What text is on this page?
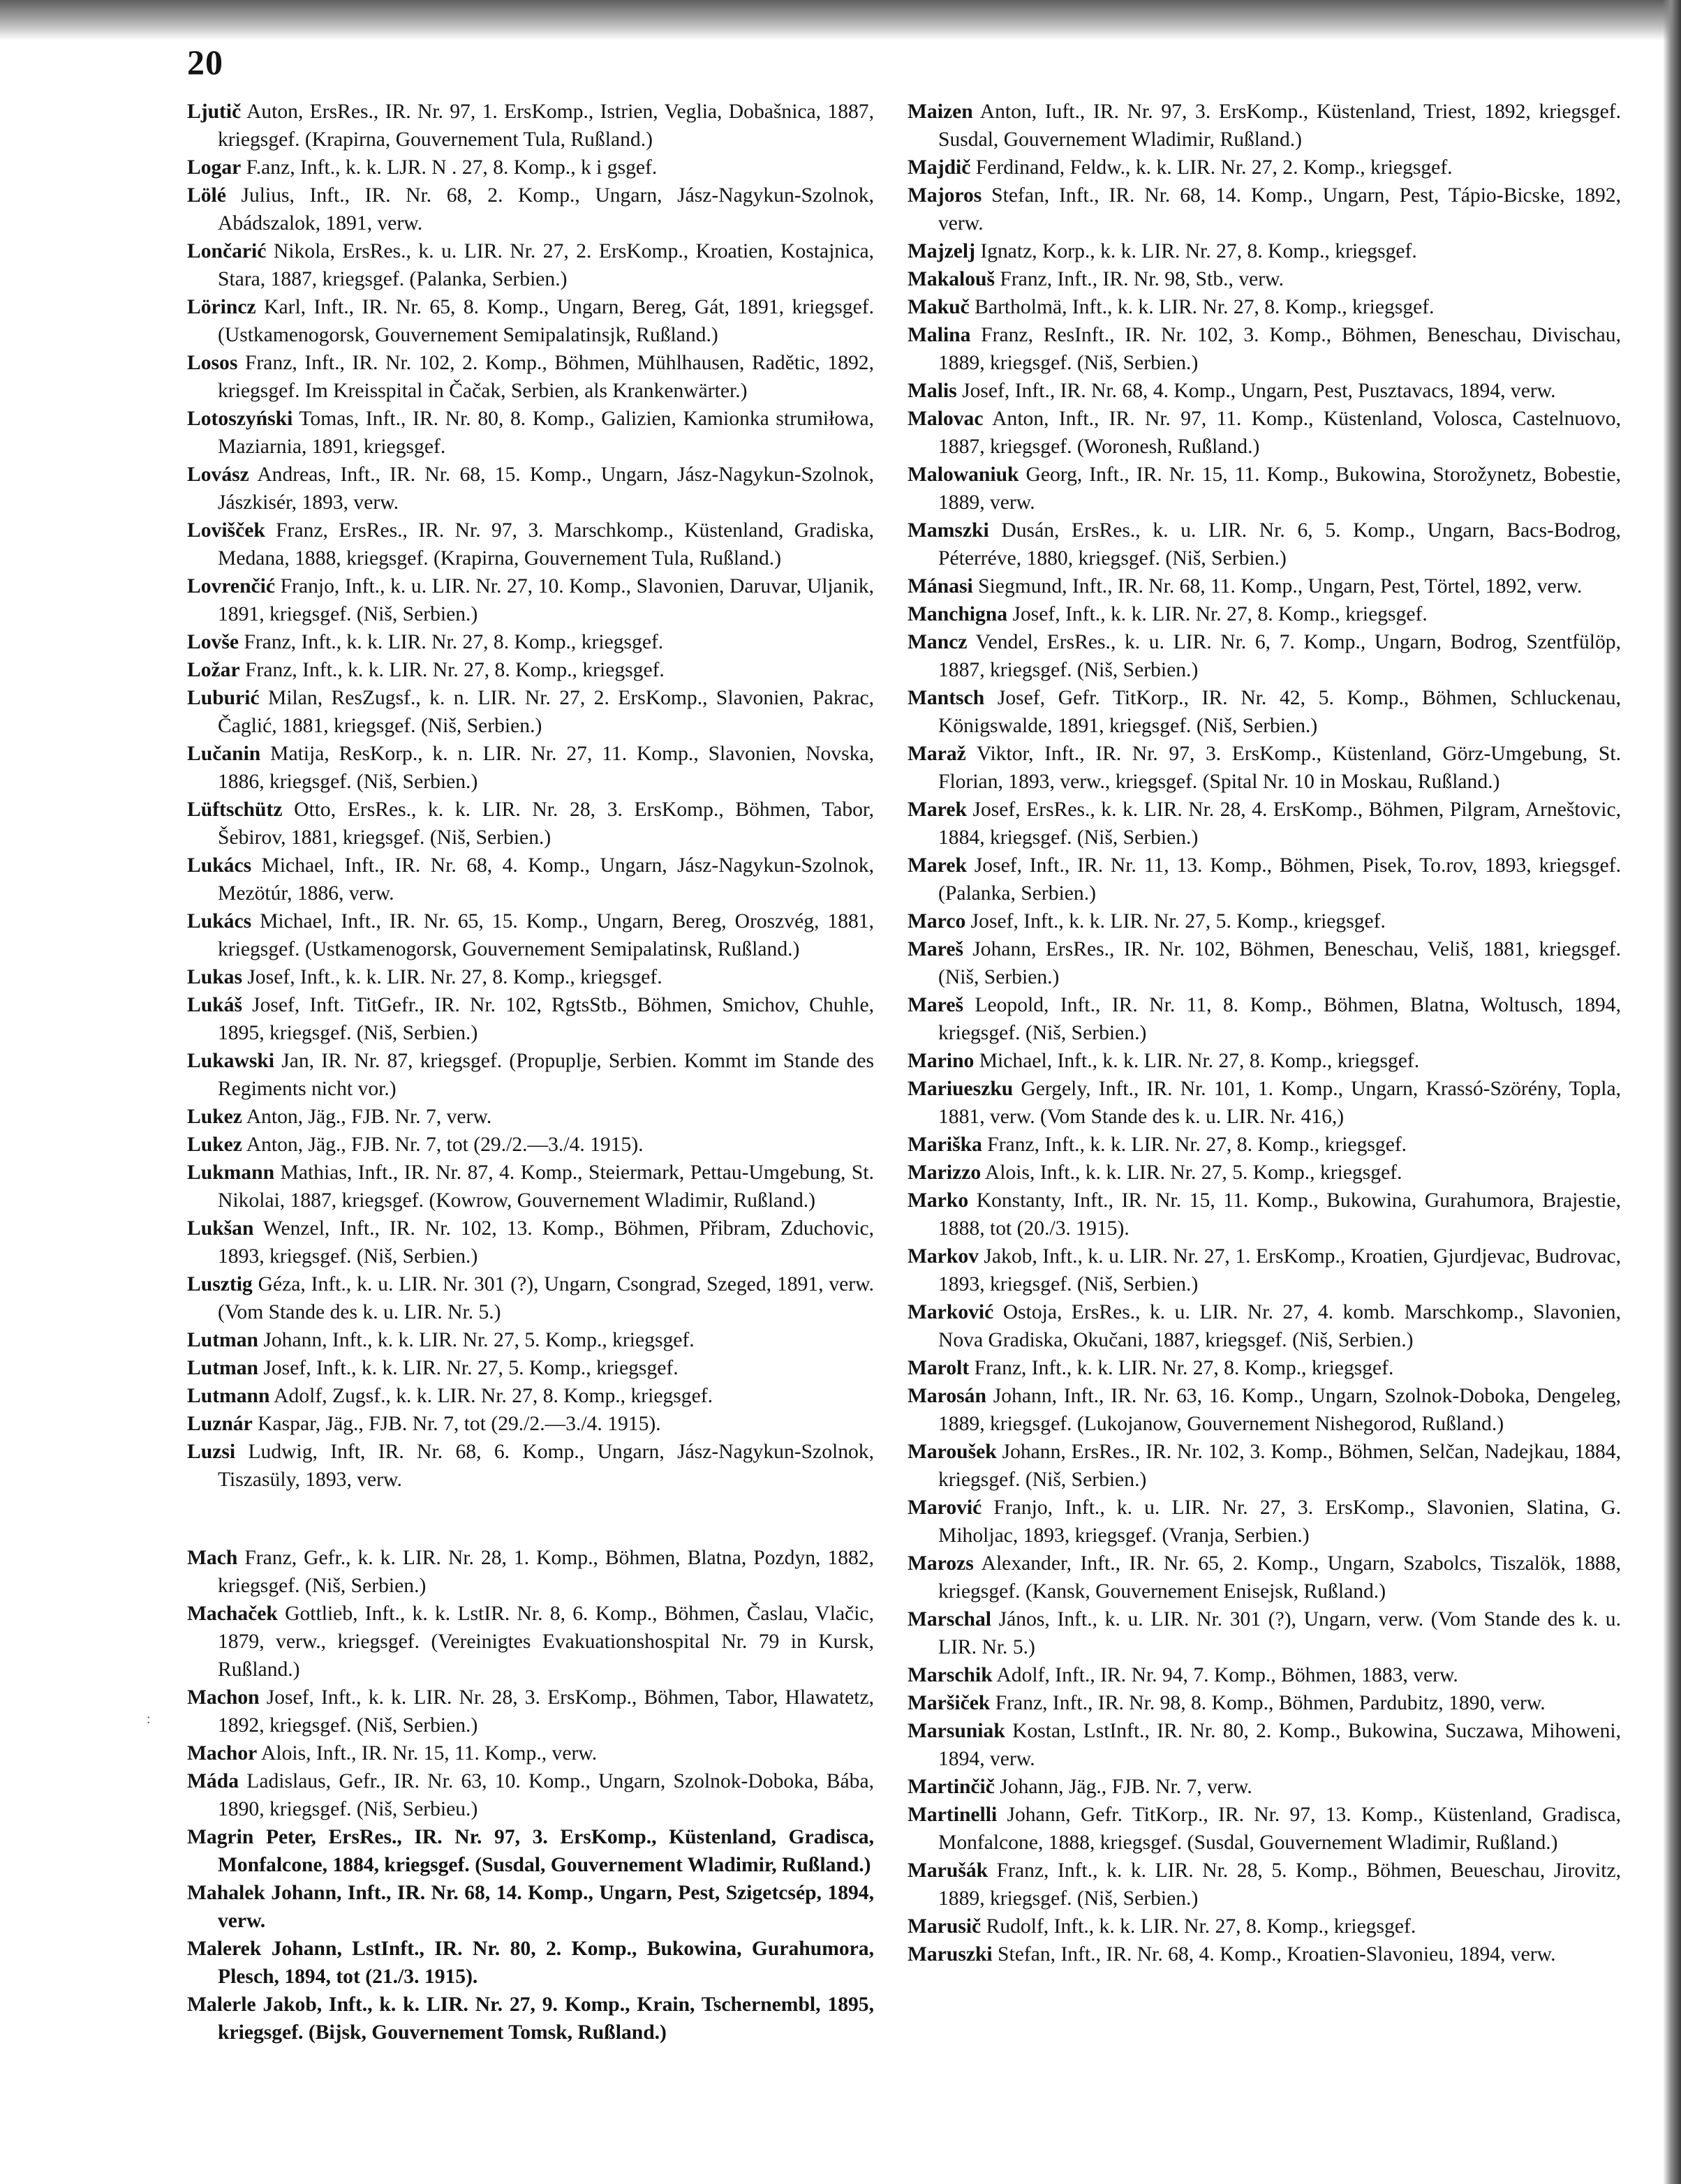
20

Ljutič Auton, ErsRes., IR. Nr. 97, 1. ErsKomp., Istrien, Veglia, Dobašnica, 1887, kriegsgef. (Krapirna, Gouvernement Tula, Rußland.)

Logar F.anz, Inft., k. k. LJR. N . 27, 8. Komp., k i gsgef.

Lölé Julius, Inft., IR. Nr. 68, 2. Komp., Ungarn, Jász-Nagykun-Szolnok, Abádszalok, 1891, verw.

Lončarić Nikola, ErsRes., k. u. LIR. Nr. 27, 2. ErsKomp., Kroatien, Kostajnica, Stara, 1887, kriegsgef. (Palanka, Serbien.)

Lörincz Karl, Inft., IR. Nr. 65, 8. Komp., Ungarn, Bereg, Gát, 1891, kriegsgef. (Ustkamenogorsk, Gouvernement Semipalatinsjk, Rußland.)

Losos Franz, Inft., IR. Nr. 102, 2. Komp., Böhmen, Mühlhausen, Radětic, 1892, kriegsgef. Im Kreisspital in Čačak, Serbien, als Krankenwärter.)

Lotoszyński Tomas, Inft., IR. Nr. 80, 8. Komp., Galizien, Kamionka strumiłowa, Maziarnia, 1891, kriegsgef.

Lovász Andreas, Inft., IR. Nr. 68, 15. Komp., Ungarn, Jász-Nagykun-Szolnok, Jászkisér, 1893, verw.

Lovišček Franz, ErsRes., IR. Nr. 97, 3. Marschkomp., Küstenland, Gradiska, Medana, 1888, kriegsgef. (Krapirna, Gouvernement Tula, Rußland.)

Lovrenčić Franjo, Inft., k. u. LIR. Nr. 27, 10. Komp., Slavonien, Daruvar, Uljanik, 1891, kriegsgef. (Niš, Serbien.)

Lovše Franz, Inft., k. k. LIR. Nr. 27, 8. Komp., kriegsgef.

Ložar Franz, Inft., k. k. LIR. Nr. 27, 8. Komp., kriegsgef.

Luburić Milan, ResZugsf., k. n. LIR. Nr. 27, 2. ErsKomp., Slavonien, Pakrac, Čaglić, 1881, kriegsgef. (Niš, Serbien.)

Lučanin Matija, ResKorp., k. n. LIR. Nr. 27, 11. Komp., Slavonien, Novska, 1886, kriegsgef. (Niš, Serbien.)

Lüftschütz Otto, ErsRes., k. k. LIR. Nr. 28, 3. ErsKomp., Böhmen, Tabor, Šebirov, 1881, kriegsgef. (Niš, Serbien.)

Lukács Michael, Inft., IR. Nr. 68, 4. Komp., Ungarn, Jász-Nagykun-Szolnok, Mezötúr, 1886, verw.

Lukács Michael, Inft., IR. Nr. 65, 15. Komp., Ungarn, Bereg, Oroszvég, 1881, kriegsgef. (Ustkamenogorsk, Gouvernement Semipalatinsk, Rußland.)

Lukas Josef, Inft., k. k. LIR. Nr. 27, 8. Komp., kriegsgef.

Lukáš Josef, Inft. TitGefr., IR. Nr. 102, RgtsStb., Böhmen, Smichov, Chuhle, 1895, kriegsgef. (Niš, Serbien.)

Lukawski Jan, IR. Nr. 87, kriegsgef. (Propuplje, Serbien. Kommt im Stande des Regiments nicht vor.)

Lukez Anton, Jäg., FJB. Nr. 7, verw.

Lukez Anton, Jäg., FJB. Nr. 7, tot (29./2.—3./4. 1915).

Lukmann Mathias, Inft., IR. Nr. 87, 4. Komp., Steiermark, Pettau-Umgebung, St. Nikolai, 1887, kriegsgef. (Kowrow, Gouvernement Wladimir, Rußland.)

Lukšan Wenzel, Inft., IR. Nr. 102, 13. Komp., Böhmen, Přibram, Zduchovic, 1893, kriegsgef. (Niš, Serbien.)

Lusztig Géza, Inft., k. u. LIR. Nr. 301 (?), Ungarn, Csongrad, Szeged, 1891, verw. (Vom Stande des k. u. LIR. Nr. 5.)

Lutman Johann, Inft., k. k. LIR. Nr. 27, 5. Komp., kriegsgef.

Lutman Josef, Inft., k. k. LIR. Nr. 27, 5. Komp., kriegsgef.

Lutmann Adolf, Zugsf., k. k. LIR. Nr. 27, 8. Komp., kriegsgef.

Luznár Kaspar, Jäg., FJB. Nr. 7, tot (29./2.—3./4. 1915).

Luzsi Ludwig, Inft, IR. Nr. 68, 6. Komp., Ungarn, Jász-Nagykun-Szolnok, Tiszasüly, 1893, verw.

Mach Franz, Gefr., k. k. LIR. Nr. 28, 1. Komp., Böhmen, Blatna, Pozdyn, 1882, kriegsgef. (Niš, Serbien.)

Machaček Gottlieb, Inft., k. k. LstIR. Nr. 8, 6. Komp., Böhmen, Časlau, Vlačic, 1879, verw., kriegsgef. (Vereinigtes Evakuationshospital Nr. 79 in Kursk, Rußland.)

Machon Josef, Inft., k. k. LIR. Nr. 28, 3. ErsKomp., Böhmen, Tabor, Hlawatetz, 1892, kriegsgef. (Niš, Serbien.)

Machor Alois, Inft., IR. Nr. 15, 11. Komp., verw.

Máda Ladislaus, Gefr., IR. Nr. 63, 10. Komp., Ungarn, Szolnok-Doboka, Bába, 1890, kriegsgef. (Niš, Serbieu.)

Magrin Peter, ErsRes., IR. Nr. 97, 3. ErsKomp., Küstenland, Gradisca, Monfalcone, 1884, kriegsgef. (Susdal, Gouvernement Wladimir, Rußland.)

Mahalek Johann, Inft., IR. Nr. 68, 14. Komp., Ungarn, Pest, Szigetcsép, 1894, verw.

Malerek Johann, LstInft., IR. Nr. 80, 2. Komp., Bukowina, Gurahumora, Plesch, 1894, tot (21./3. 1915).

Malerle Jakob, Inft., k. k. LIR. Nr. 27, 9. Komp., Krain, Tschernembl, 1895, kriegsgef. (Bijsk, Gouvernement Tomsk, Rußland.)

Maizen Anton, Iuft., IR. Nr. 97, 3. ErsKomp., Küstenland, Triest, 1892, kriegsgef. Susdal, Gouvernement Wladimir, Rußland.)

Majdič Ferdinand, Feldw., k. k. LIR. Nr. 27, 2. Komp., kriegsgef.

Majoros Stefan, Inft., IR. Nr. 68, 14. Komp., Ungarn, Pest, Tápio-Bicske, 1892, verw.

Majzelj Ignatz, Korp., k. k. LIR. Nr. 27, 8. Komp., kriegsgef.

Makalouš Franz, Inft., IR. Nr. 98, Stb., verw.

Makuč Bartholmä, Inft., k. k. LIR. Nr. 27, 8. Komp., kriegsgef.

Malina Franz, ResInft., IR. Nr. 102, 3. Komp., Böhmen, Beneschau, Divischau, 1889, kriegsgef. (Niš, Serbien.)

Malis Josef, Inft., IR. Nr. 68, 4. Komp., Ungarn, Pest, Pusztavacs, 1894, verw.

Malovac Anton, Inft., IR. Nr. 97, 11. Komp., Küstenland, Volosca, Castelnuovo, 1887, kriegsgef. (Woronesh, Rußland.)

Malowaniuk Georg, Inft., IR. Nr. 15, 11. Komp., Bukowina, Storožynetz, Bobestie, 1889, verw.

Mamszki Dusán, ErsRes., k. u. LIR. Nr. 6, 5. Komp., Ungarn, Bacs-Bodrog, Péterréve, 1880, kriegsgef. (Niš, Serbien.)

Mánasi Siegmund, Inft., IR. Nr. 68, 11. Komp., Ungarn, Pest, Törtel, 1892, verw.

Manchigna Josef, Inft., k. k. LIR. Nr. 27, 8. Komp., kriegsgef.

Mancz Vendel, ErsRes., k. u. LIR. Nr. 6, 7. Komp., Ungarn, Bodrog, Szentfülöp, 1887, kriegsgef. (Niš, Serbien.)

Mantsch Josef, Gefr. TitKorp., IR. Nr. 42, 5. Komp., Böhmen, Schluckenau, Königswalde, 1891, kriegsgef. (Niš, Serbien.)

Maraž Viktor, Inft., IR. Nr. 97, 3. ErsKomp., Küstenland, Görz-Umgebung, St. Florian, 1893, verw., kriegsgef. (Spital Nr. 10 in Moskau, Rußland.)

Marek Josef, ErsRes., k. k. LIR. Nr. 28, 4. ErsKomp., Böhmen, Pilgram, Arneštovic, 1884, kriegsgef. (Niš, Serbien.)

Marek Josef, Inft., IR. Nr. 11, 13. Komp., Böhmen, Pisek, To.rov, 1893, kriegsgef. (Palanka, Serbien.)

Marco Josef, Inft., k. k. LIR. Nr. 27, 5. Komp., kriegsgef.

Mareš Johann, ErsRes., IR. Nr. 102, Böhmen, Beneschau, Veliš, 1881, kriegsgef. (Niš, Serbien.)

Mareš Leopold, Inft., IR. Nr. 11, 8. Komp., Böhmen, Blatna, Woltusch, 1894, kriegsgef. (Niš, Serbien.)

Marino Michael, Inft., k. k. LIR. Nr. 27, 8. Komp., kriegsgef.

Mariueszku Gergely, Inft., IR. Nr. 101, 1. Komp., Ungarn, Krassó-Szörény, Topla, 1881, verw. (Vom Stande des k. u. LIR. Nr. 416,)

Mariška Franz, Inft., k. k. LIR. Nr. 27, 8. Komp., kriegsgef.

Marizzo Alois, Inft., k. k. LIR. Nr. 27, 5. Komp., kriegsgef.

Marko Konstanty, Inft., IR. Nr. 15, 11. Komp., Bukowina, Gurahumora, Brajestie, 1888, tot (20./3. 1915).

Markov Jakob, Inft., k. u. LIR. Nr. 27, 1. ErsKomp., Kroatien, Gjurdjevac, Budrovac, 1893, kriegsgef. (Niš, Serbien.)

Marković Ostoja, ErsRes., k. u. LIR. Nr. 27, 4. komb. Marschkomp., Slavonien, Nova Gradiska, Okučani, 1887, kriegsgef. (Niš, Serbien.)

Marolt Franz, Inft., k. k. LIR. Nr. 27, 8. Komp., kriegsgef.

Marosán Johann, Inft., IR. Nr. 63, 16. Komp., Ungarn, Szolnok-Doboka, Dengeleg, 1889, kriegsgef. (Lukojanow, Gouvernement Nishegorod, Rußland.)

Maroušek Johann, ErsRes., IR. Nr. 102, 3. Komp., Böhmen, Selčan, Nadejkau, 1884, kriegsgef. (Niš, Serbien.)

Marović Franjo, Inft., k. u. LIR. Nr. 27, 3. ErsKomp., Slavonien, Slatina, G. Miholjac, 1893, kriegsgef. (Vranja, Serbien.)

Marozs Alexander, Inft., IR. Nr. 65, 2. Komp., Ungarn, Szabolcs, Tiszalök, 1888, kriegsgef. (Kansk, Gouvernement Enisejsk, Rußland.)

Marschal János, Inft., k. u. LIR. Nr. 301 (?), Ungarn, verw. (Vom Stande des k. u. LIR. Nr. 5.)

Marschik Adolf, Inft., IR. Nr. 94, 7. Komp., Böhmen, 1883, verw.

Maršiček Franz, Inft., IR. Nr. 98, 8. Komp., Böhmen, Pardubitz, 1890, verw.

Marsuniak Kostan, LstInft., IR. Nr. 80, 2. Komp., Bukowina, Suczawa, Mihoweni, 1894, verw.

Martinčič Johann, Jäg., FJB. Nr. 7, verw.

Martinelli Johann, Gefr. TitKorp., IR. Nr. 97, 13. Komp., Küstenland, Gradisca, Monfalcone, 1888, kriegsgef. (Susdal, Gouvernement Wladimir, Rußland.)

Marušák Franz, Inft., k. k. LIR. Nr. 28, 5. Komp., Böhmen, Beueschau, Jirovitz, 1889, kriegsgef. (Niš, Serbien.)

Marusič Rudolf, Inft., k. k. LIR. Nr. 27, 8. Komp., kriegsgef.

Maruszki Stefan, Inft., IR. Nr. 68, 4. Komp., Kroatien-Slavonieu, 1894, verw.

:
